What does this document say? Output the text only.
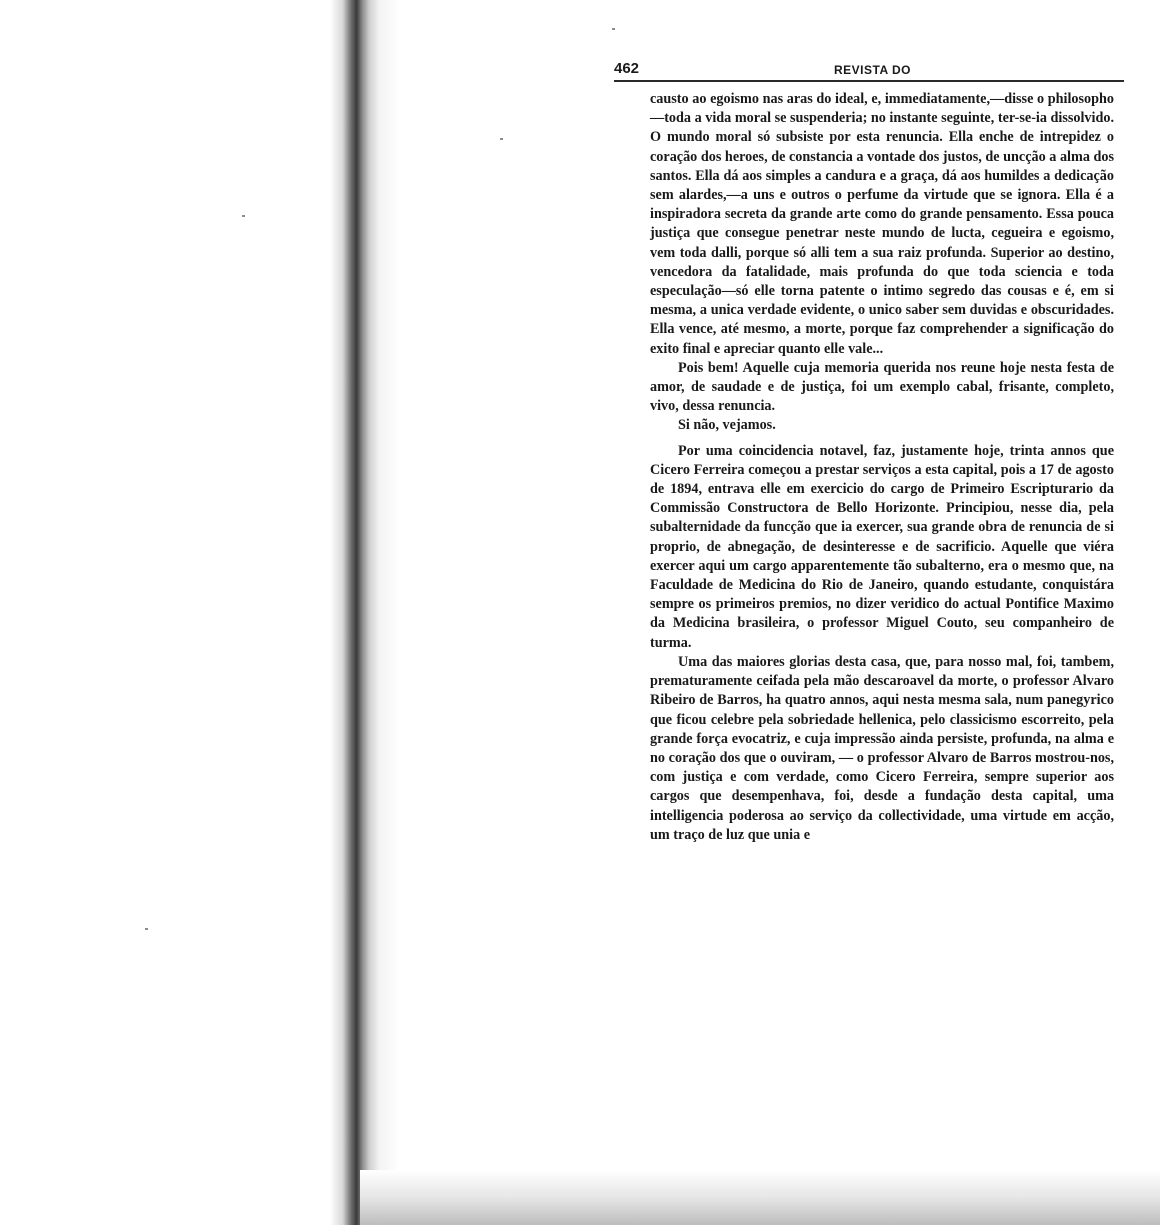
462	REVISTA DO

causto ao egoismo nas aras do ideal, e, immediatamente,—disse o philosopho—toda a vida moral se suspenderia; no instante seguinte, ter-se-ia dissolvido. O mundo moral só subsiste por esta renuncia. Ella enche de intrepidez o coração dos heroes, de constancia a vontade dos justos, de uncção a alma dos santos. Ella dá aos simples a candura e a graça, dá aos humildes a dedicação sem alardes,—a uns e outros o perfume da virtude que se ignora. Ella é a inspiradora secreta da grande arte como do grande pensamento. Essa pouca justiça que consegue penetrar neste mundo de lucta, cegueira e egoismo, vem toda dalli, porque só alli tem a sua raiz profunda. Superior ao destino, vencedora da fatalidade, mais profunda do que toda sciencia e toda especulação—só elle torna patente o intimo segredo das cousas e é, em si mesma, a unica verdade evidente, o unico saber sem duvidas e obscuridades. Ella vence, até mesmo, a morte, porque faz comprehender a significação do exito final e apreciar quanto elle vale...

Pois bem! Aquelle cuja memoria querida nos reune hoje nesta festa de amor, de saudade e de justiça, foi um exemplo cabal, frisante, completo, vivo, dessa renuncia.

Si não, vejamos.

Por uma coincidencia notavel, faz, justamente hoje, trinta annos que Cicero Ferreira começou a prestar serviços a esta capital, pois a 17 de agosto de 1894, entrava elle em exercicio do cargo de Primeiro Escripturario da Commissão Constructora de Bello Horizonte. Principiou, nesse dia, pela subalternidade da funcção que ia exercer, sua grande obra de renuncia de si proprio, de abnegação, de desinteresse e de sacrificio. Aquelle que viéra exercer aqui um cargo apparentemente tão subalterno, era o mesmo que, na Faculdade de Medicina do Rio de Janeiro, quando estudante, conquistára sempre os primeiros premios, no dizer veridico do actual Pontifice Maximo da Medicina brasileira, o professor Miguel Couto, seu companheiro de turma.

Uma das maiores glorias desta casa, que, para nosso mal, foi, tambem, prematuramente ceifada pela mão descaroavel da morte, o professor Alvaro Ribeiro de Barros, ha quatro annos, aqui nesta mesma sala, num panegyrico que ficou celebre pela sobriedade hellenica, pelo classicismo escorreito, pela grande força evocatriz, e cuja impressão ainda persiste, profunda, na alma e no coração dos que o ouviram, — o professor Alvaro de Barros mostrou-nos, com justiça e com verdade, como Cicero Ferreira, sempre superior aos cargos que desempenhava, foi, desde a fundação desta capital, uma intelligencia poderosa ao serviço da collectividade, uma virtude em acção, um traço de luz que unia e
